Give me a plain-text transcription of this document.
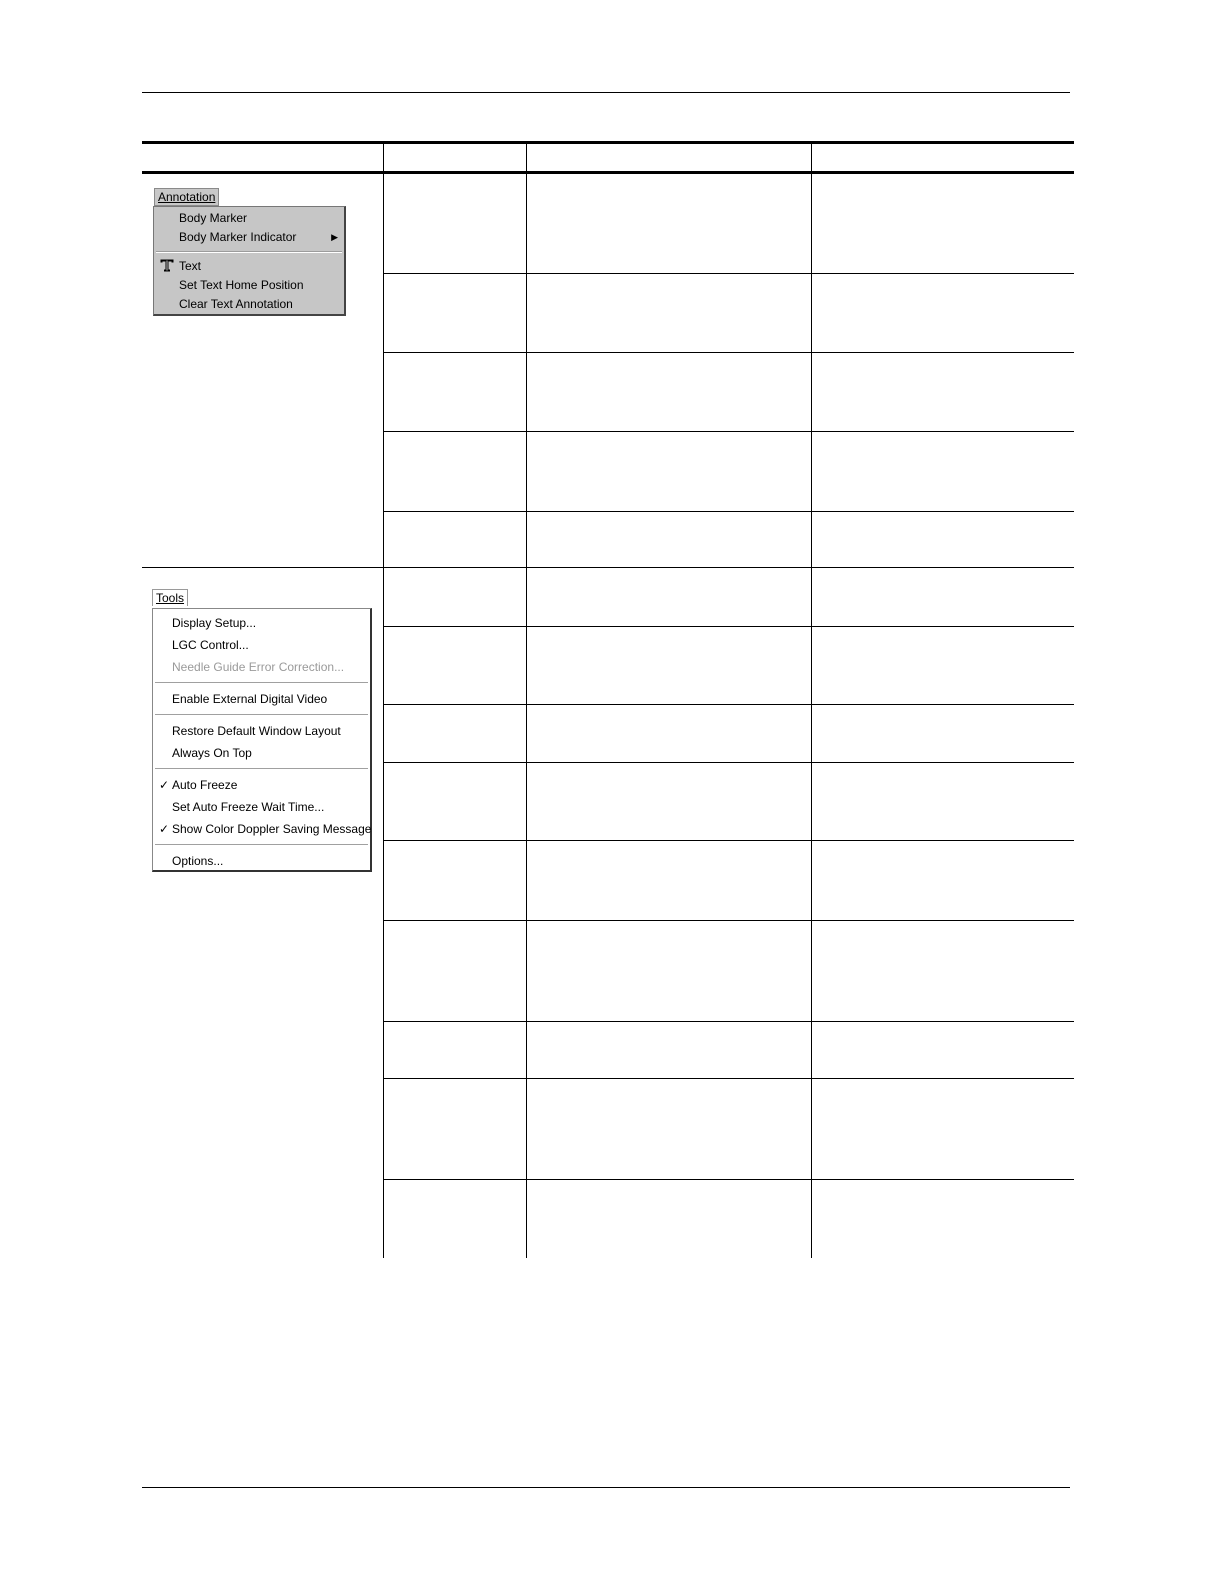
Annotation
Body Marker
Body Marker Indicator	▶
Text
Set Text Home Position
Clear Text Annotation
Tools
Display Setup...
LGC Control...
Needle Guide Error Correction...
Enable External Digital Video
Restore Default Window Layout
Always On Top
✓ Auto Freeze
Set Auto Freeze Wait Time...
✓ Show Color Doppler Saving Message
Options...
